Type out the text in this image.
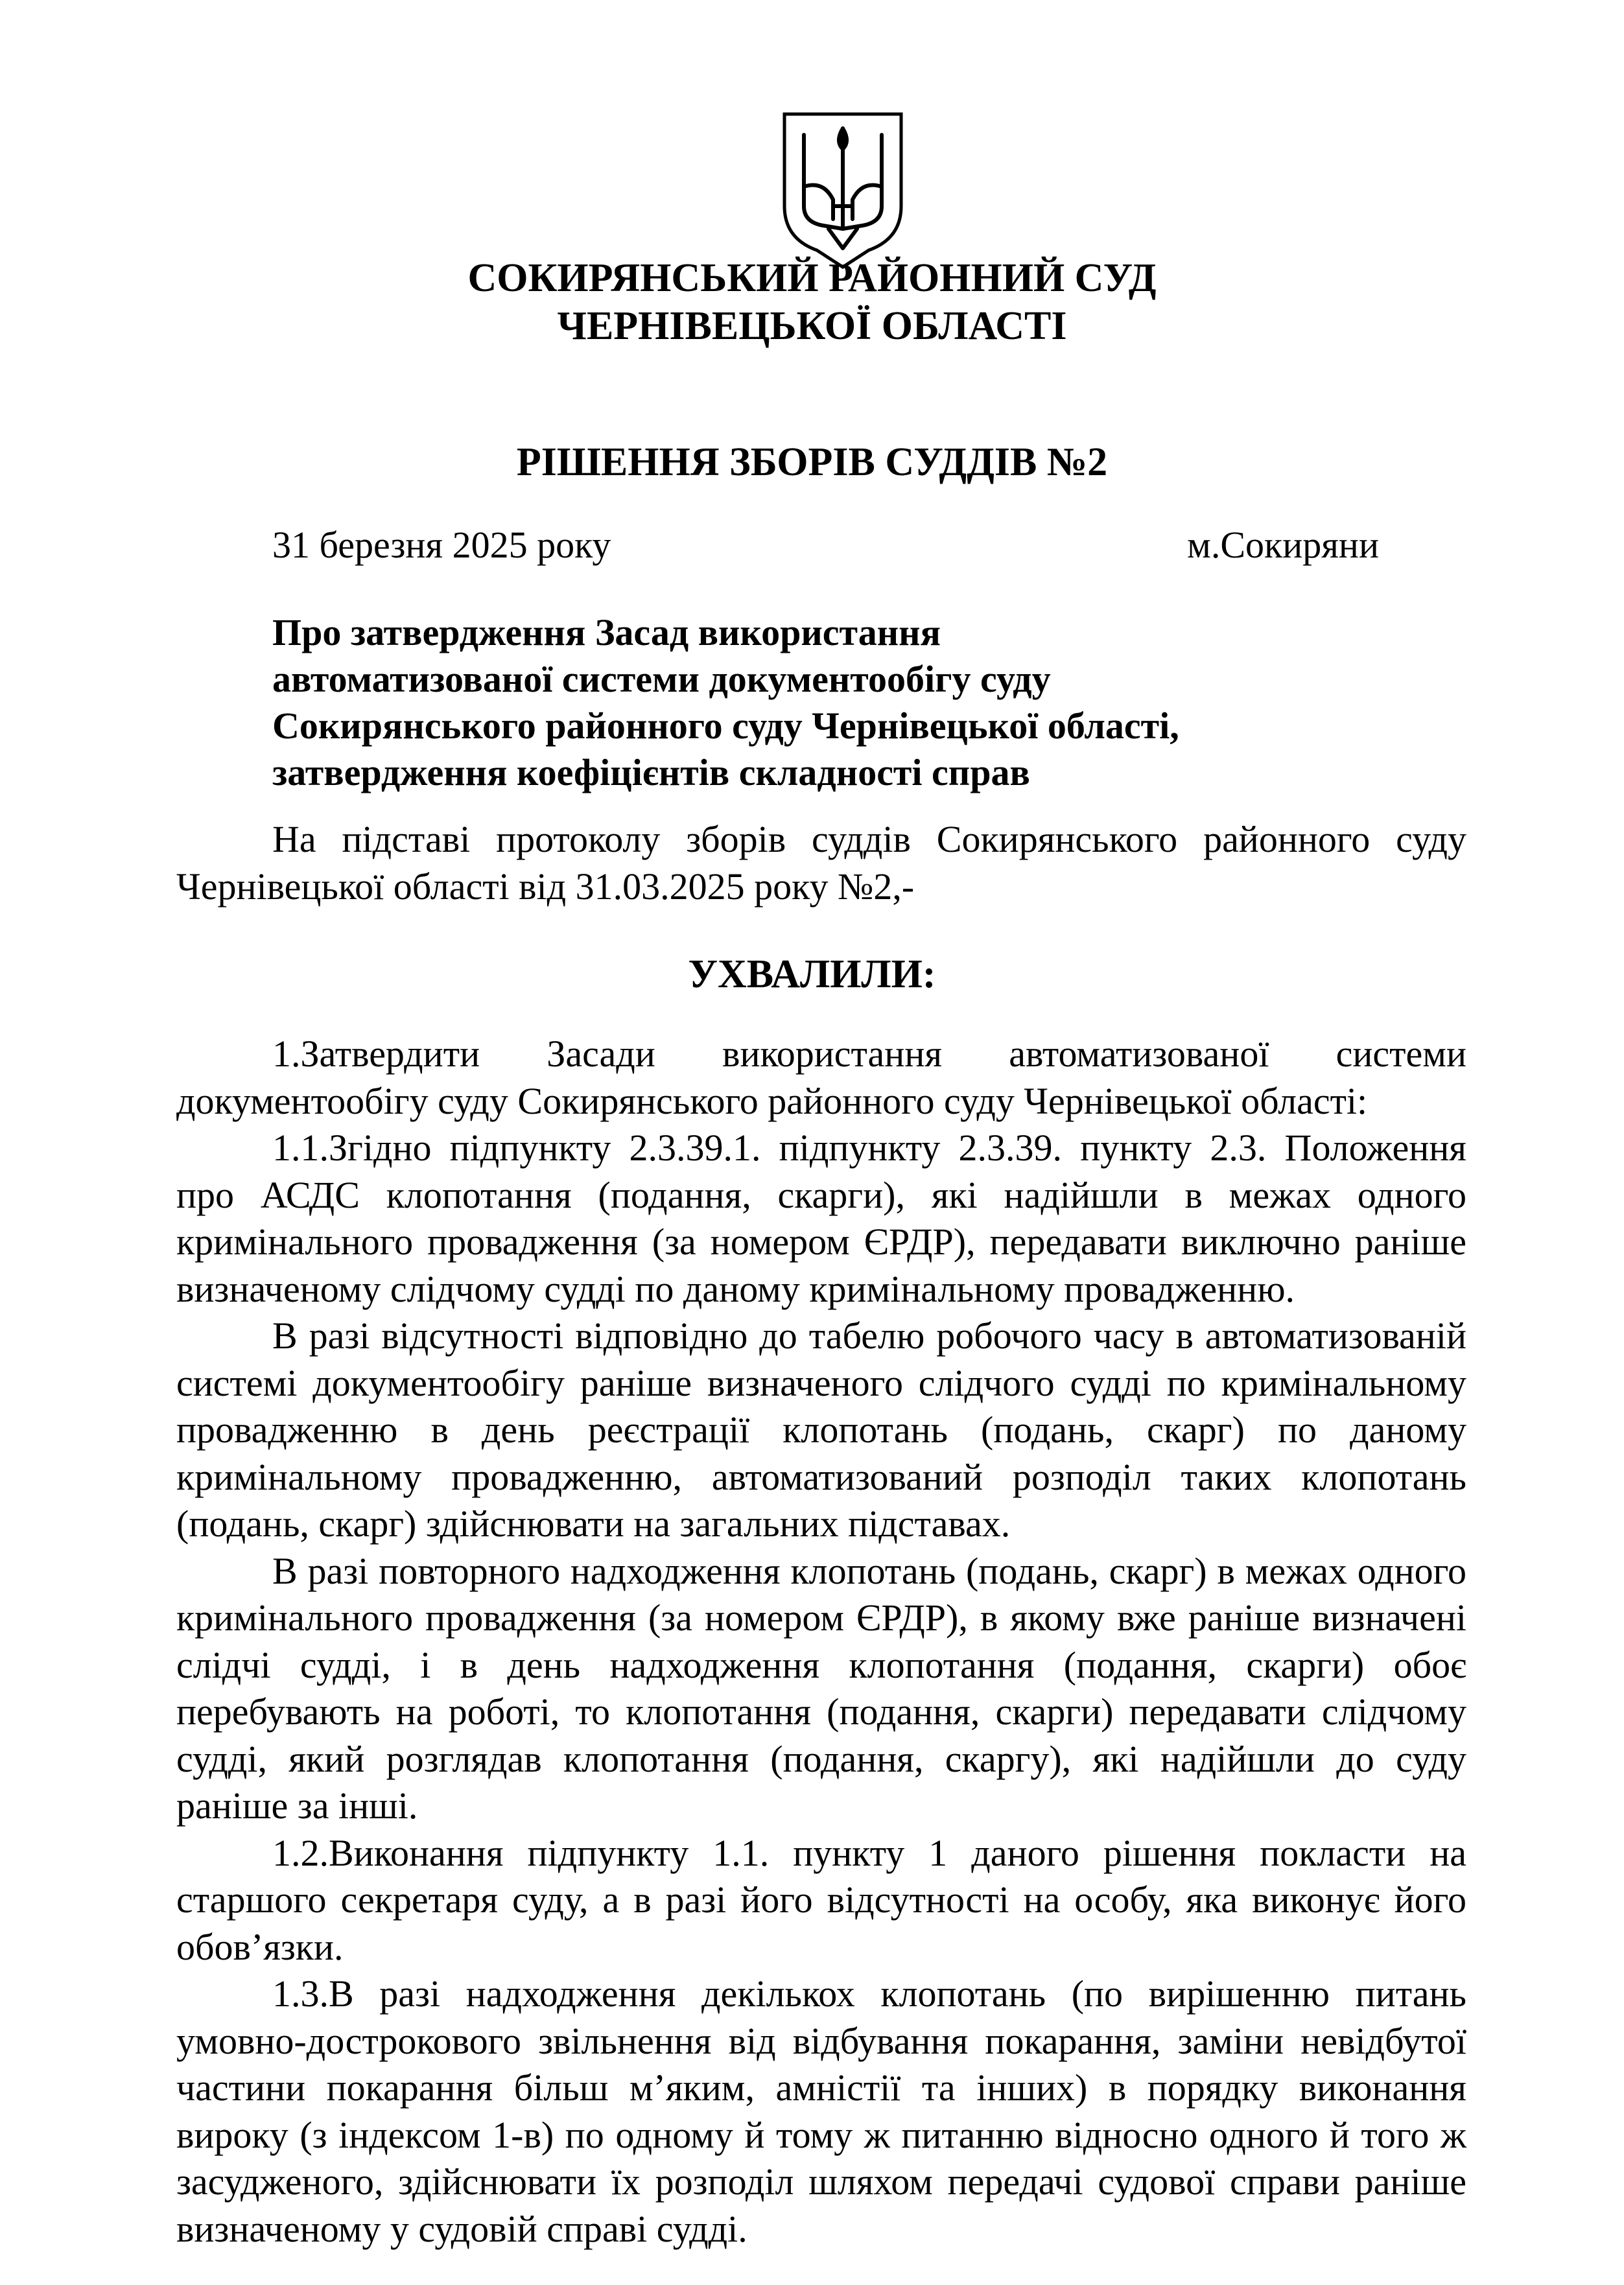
СОКИРЯНСЬКИЙ РАЙОННИЙ СУД
ЧЕРНІВЕЦЬКОЇ ОБЛАСТІ
РІШЕННЯ ЗБОРІВ СУДДІВ №2
31 березня 2025 року	м.Сокиряни
Про затвердження Засад використання
автоматизованої системи документообігу суду
Сокирянського районного суду Чернівецької області,
затвердження коефіцієнтів складності справ

На підставі протоколу зборів суддів Сокирянського районного суду Чернівецької області від 31.03.2025 року №2,-

УХВАЛИЛИ:

1.Затвердити Засади використання автоматизованої системи документообігу суду Сокирянського районного суду Чернівецької області:

1.1.Згідно підпункту 2.3.39.1. підпункту 2.3.39. пункту 2.3. Положення про АСДС клопотання (подання, скарги), які надійшли в межах одного кримінального провадження (за номером ЄРДР), передавати виключно раніше визначеному слідчому судді по даному кримінальному провадженню.

В разі відсутності відповідно до табелю робочого часу в автоматизованій системі документообігу раніше визначеного слідчого судді по кримінальному провадженню в день реєстрації клопотань (подань, скарг) по даному кримінальному провадженню, автоматизований розподіл таких клопотань (подань, скарг) здійснювати на загальних підставах.

В разі повторного надходження клопотань (подань, скарг) в межах одного кримінального провадження (за номером ЄРДР), в якому вже раніше визначені слідчі судді, і в день надходження клопотання (подання, скарги) обоє перебувають на роботі, то клопотання (подання, скарги) передавати слідчому судді, який розглядав клопотання (подання, скаргу), які надійшли до суду раніше за інші.

1.2.Виконання підпункту 1.1. пункту 1 даного рішення покласти на старшого секретаря суду, а в разі його відсутності на особу, яка виконує його обов’язки.

1.3.В разі надходження декількох клопотань (по вирішенню питань умовно-дострокового звільнення від відбування покарання, заміни невідбутої частини покарання більш м’яким, амністії та інших) в порядку виконання вироку (з індексом 1-в) по одному й тому ж питанню відносно одного й того ж засудженого, здійснювати їх розподіл шляхом передачі судової справи раніше визначеному у судовій справі судді.
